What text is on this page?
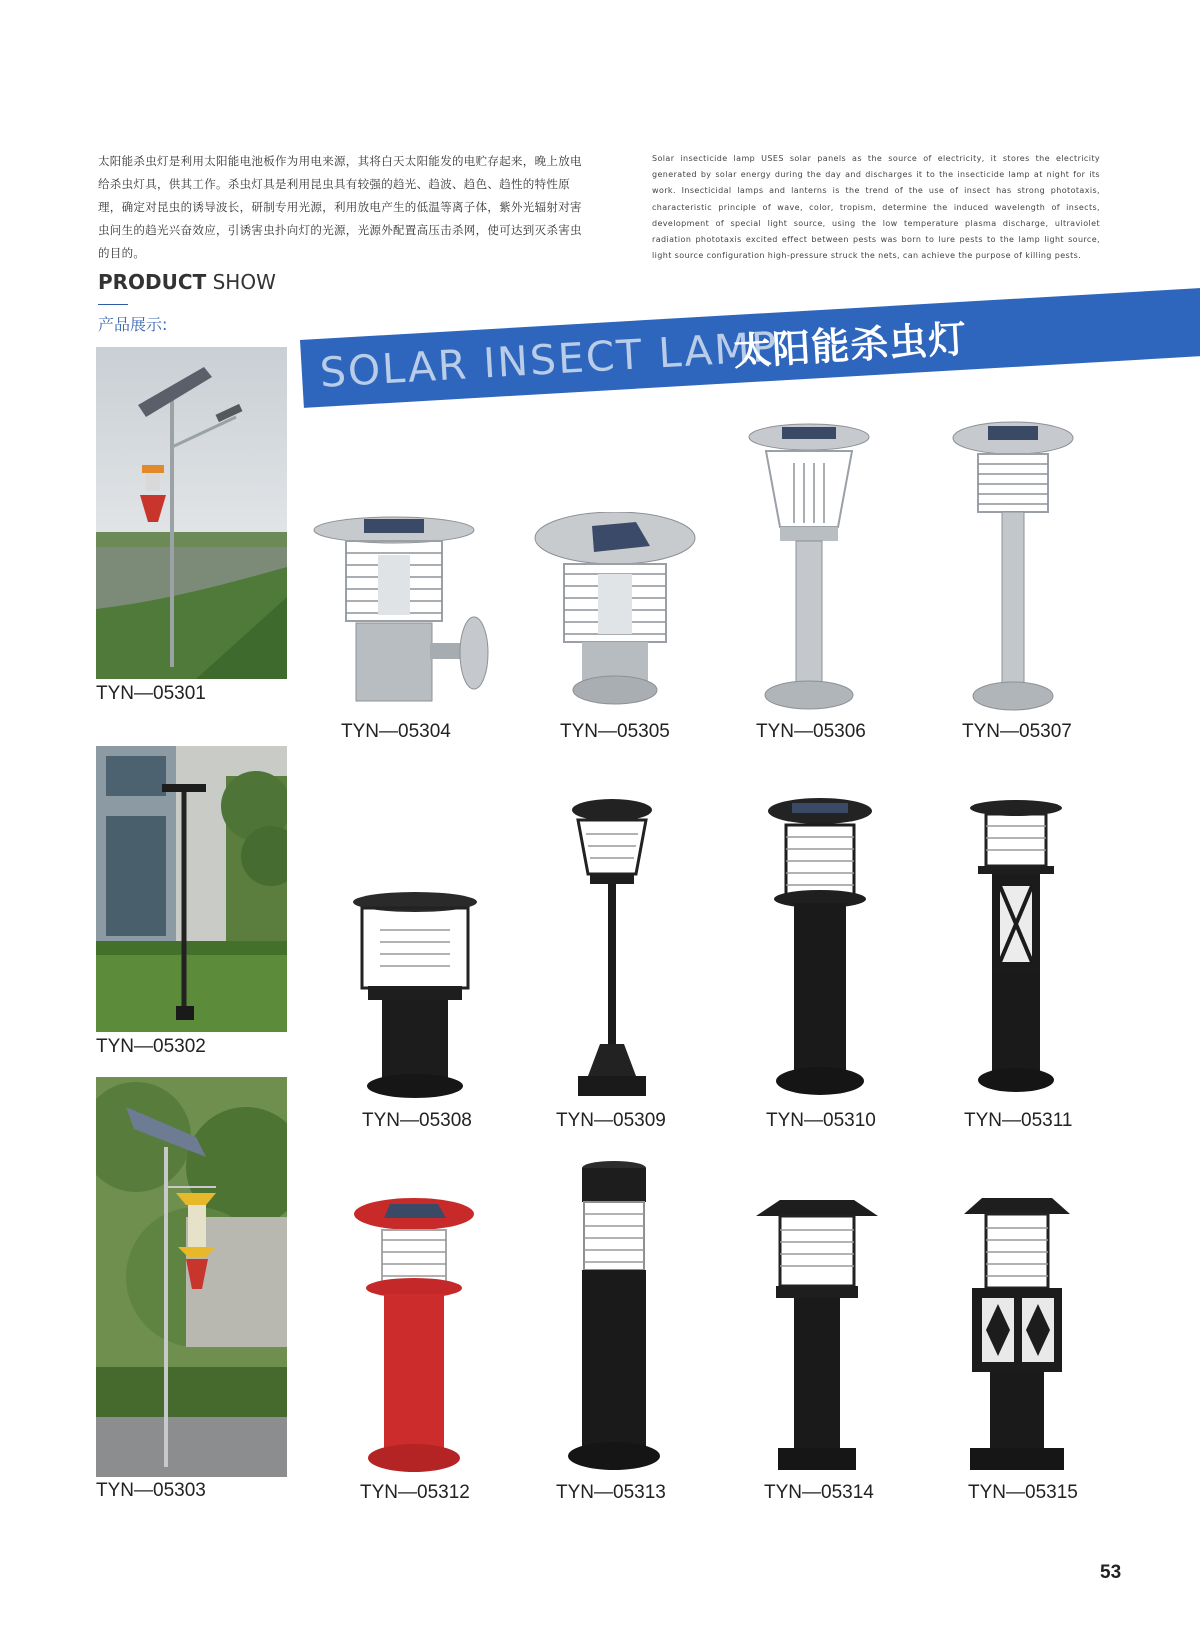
太阳能杀虫灯是利用太阳能电池板作为用电来源，其将白天太阳能发的电贮存起来，晚上放电给杀虫灯具，供其工作。杀虫灯具是利用昆虫具有较强的趋光、趋波、趋色、趋性的特性原理，确定对昆虫的诱导波长，研制专用光源，利用放电产生的低温等离子体，紫外光辐射对害虫问生的趋光兴奋效应，引诱害虫扑向灯的光源，光源外配置高压击杀网，使可达到灭杀害虫的目的。
Solar insecticide lamp USES solar panels as the source of electricity, it stores the electricity generated by solar energy during the day and discharges it to the insecticide lamp at night for its work. Insecticidal lamps and lanterns is the trend of the use of insect has strong phototaxis, characteristic principle of wave, color, tropism, determine the induced wavelength of insects, development of special light source, using the low temperature plasma discharge, ultraviolet radiation phototaxis excited effect between pests was born to lure pests to the lamp light source, light source configuration high-pressure struck the nets, can achieve the purpose of killing pests.
PRODUCT SHOW
产品展示:	SOLAR INSECT LAMP
太阳能杀虫灯
TYN—05301
TYN—05302
TYN—05303
TYN—05304	TYN—05305	TYN—05306	TYN—05307
TYN—05308	TYN—05309	TYN—05310	TYN—05311
TYN—05312	TYN—05313	TYN—05314	TYN—05315
53
